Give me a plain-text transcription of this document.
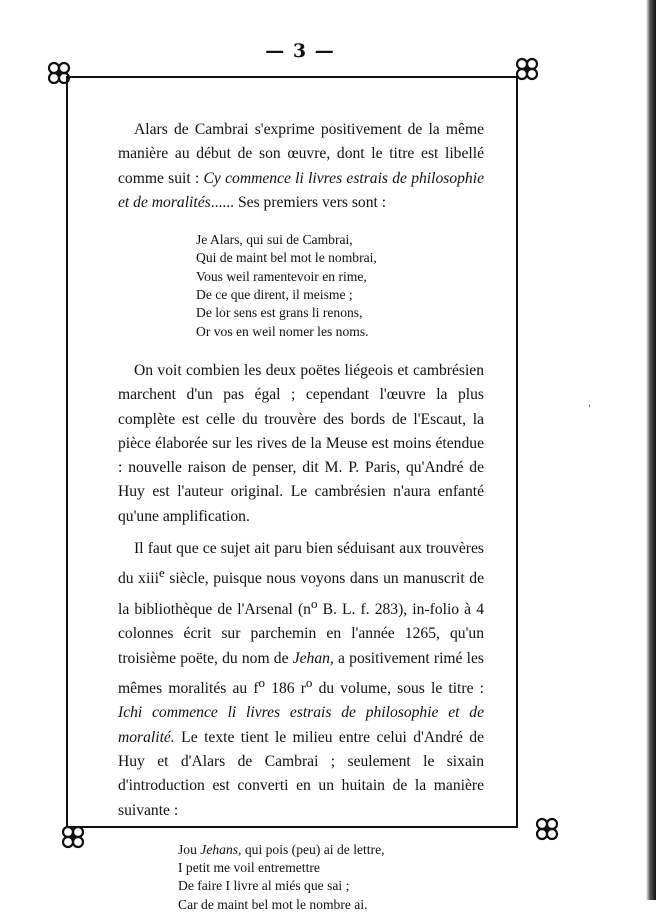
— 3 —

Alars de Cambrai s'exprime positivement de la même manière au début de son œuvre, dont le titre est libellé comme suit : Cy commence li livres estrais de philosophie et de moralités...... Ses premiers vers sont :

Je Alars, qui sui de Cambrai,
Qui de maint bel mot le nombrai,
Vous weil ramentevoir en rime,
De ce que dirent, il meisme ;
De lor sens est grans li renons,
Or vos en weil nomer les noms.

On voit combien les deux poëtes liégeois et cambrésien marchent d'un pas égal ; cependant l'œuvre la plus complète est celle du trouvère des bords de l'Escaut, la pièce élaborée sur les rives de la Meuse est moins étendue : nouvelle raison de penser, dit M. P. Paris, qu'André de Huy est l'auteur original. Le cambrésien n'aura enfanté qu'une amplification.

Il faut que ce sujet ait paru bien séduisant aux trouvères du xiii$^e$ siècle, puisque nous voyons dans un manuscrit de la bibliothèque de l'Arsenal ($n^o$ B. L. f. 283), in-folio à 4 colonnes écrit sur parchemin en l'année 1265, qu'un troisième poëte, du nom de Jehan, a positivement rimé les mêmes moralités au $f^o$ 186 $r^o$ du volume, sous le titre : Ichi commence li livres estrais de philosophie et de moralité. Le texte tient le milieu entre celui d'André de Huy et d'Alars de Cambrai ; seulement le sixain d'introduction est converti en un huitain de la manière suivante :

Jou Jehans, qui pois (peu) ai de lettre,
I petit me voil entremettre
De faire I livre al miés que sai ;
Car de maint bel mot le nombre ai.
'
